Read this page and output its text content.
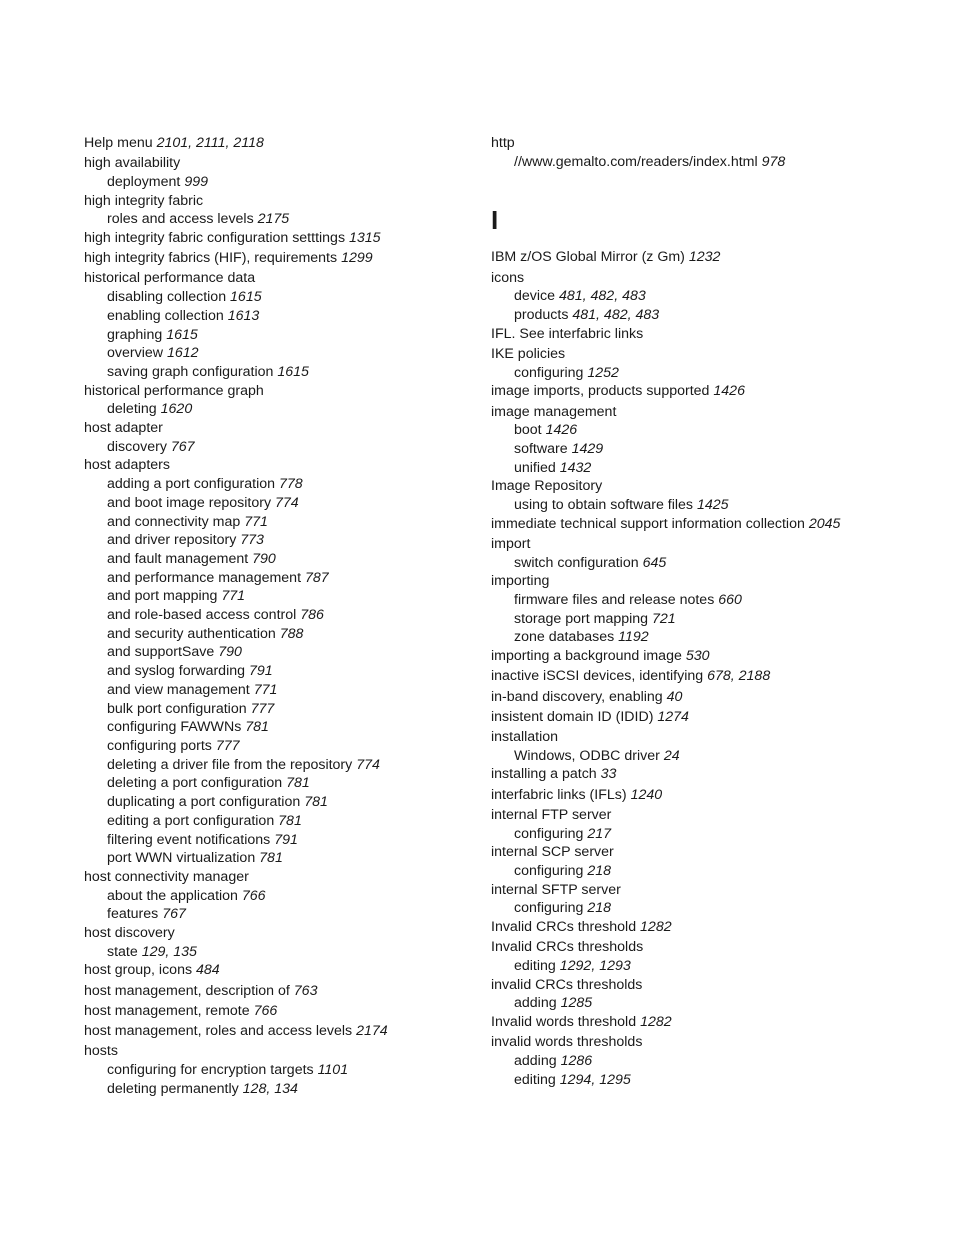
Help menu 2101, 2111, 2118
high availability
deployment 999
high integrity fabric
roles and access levels 2175
high integrity fabric configuration setttings 1315
high integrity fabrics (HIF), requirements 1299
historical performance data
disabling collection 1615
enabling collection 1613
graphing 1615
overview 1612
saving graph configuration 1615
historical performance graph
deleting 1620
host adapter
discovery 767
host adapters
adding a port configuration 778
and boot image repository 774
and connectivity map 771
and driver repository 773
and fault management 790
and performance management 787
and port mapping 771
and role-based access control 786
and security authentication 788
and supportSave 790
and syslog forwarding 791
and view management 771
bulk port configuration 777
configuring FAWWNs 781
configuring ports 777
deleting a driver file from the repository 774
deleting a port configuration 781
duplicating a port configuration 781
editing a port configuration 781
filtering event notifications 791
port WWN virtualization 781
host connectivity manager
about the application 766
features 767
host discovery
state 129, 135
host group, icons 484
host management, description of 763
host management, remote 766
host management, roles and access levels 2174
hosts
configuring for encryption targets 1101
deleting permanently 128, 134
http
//www.gemalto.com/readers/index.html 978
I
IBM z/OS Global Mirror (z Gm) 1232
icons
device 481, 482, 483
products 481, 482, 483
IFL. See interfabric links
IKE policies
configuring 1252
image imports, products supported 1426
image management
boot 1426
software 1429
unified 1432
Image Repository
using to obtain software files 1425
immediate technical support information collection 2045
import
switch configuration 645
importing
firmware files and release notes 660
storage port mapping 721
zone databases 1192
importing a background image 530
inactive iSCSI devices, identifying 678, 2188
in-band discovery, enabling 40
insistent domain ID (IDID) 1274
installation
Windows, ODBC driver 24
installing a patch 33
interfabric links (IFLs) 1240
internal FTP server
configuring 217
internal SCP server
configuring 218
internal SFTP server
configuring 218
Invalid CRCs threshold 1282
Invalid CRCs thresholds
editing 1292, 1293
invalid CRCs thresholds
adding 1285
Invalid words threshold 1282
invalid words thresholds
adding 1286
editing 1294, 1295
